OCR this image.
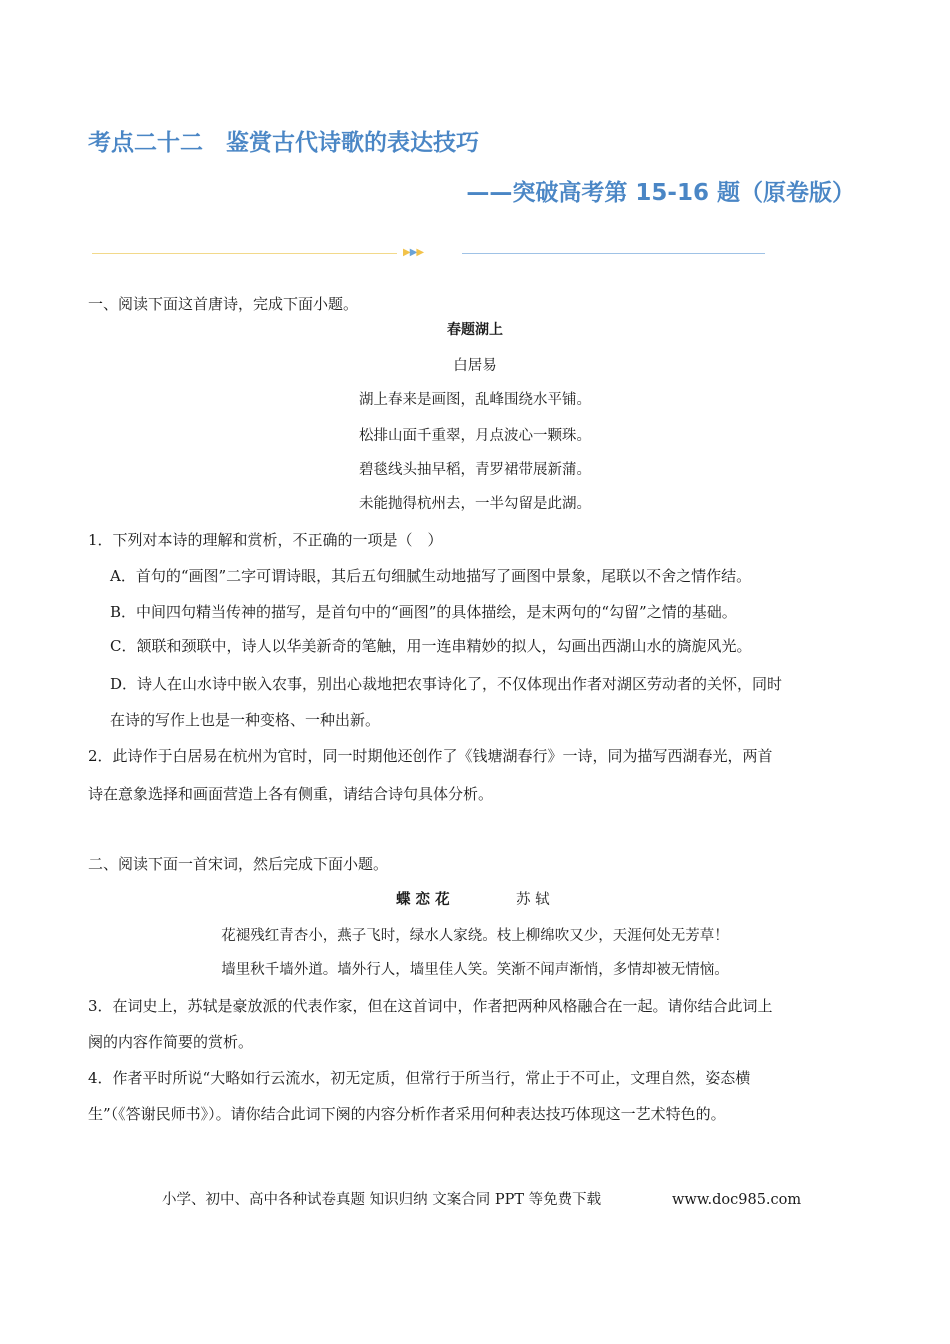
考点二十二　鉴赏古代诗歌的表达技巧
——突破高考第 15-16 题（原卷版）
▶▶▶
一、阅读下面这首唐诗，完成下面小题。
春题湖上
白居易
湖上春来是画图，乱峰围绕水平铺。
松排山面千重翠，月点波心一颗珠。
碧毯线头抽早稻，青罗裙带展新蒲。
未能抛得杭州去，一半勾留是此湖。
1．下列对本诗的理解和赏析，不正确的一项是（　）
A．首句的“画图”二字可谓诗眼，其后五句细腻生动地描写了画图中景象，尾联以不舍之情作结。
B．中间四句精当传神的描写，是首句中的“画图”的具体描绘，是末两句的“勾留”之情的基础。
C．颔联和颈联中，诗人以华美新奇的笔触，用一连串精妙的拟人，勾画出西湖山水的旖旎风光。
D．诗人在山水诗中嵌入农事，别出心裁地把农事诗化了，不仅体现出作者对湖区劳动者的关怀，同时
在诗的写作上也是一种变格、一种出新。
2．此诗作于白居易在杭州为官时，同一时期他还创作了《钱塘湖春行》一诗，同为描写西湖春光，两首
诗在意象选择和画面营造上各有侧重，请结合诗句具体分析。
二、阅读下面一首宋词，然后完成下面小题。
蝶 恋 花	苏 轼
花褪残红青杏小，燕子飞时，绿水人家绕。枝上柳绵吹又少，天涯何处无芳草！
墙里秋千墙外道。墙外行人，墙里佳人笑。笑渐不闻声渐悄，多情却被无情恼。
3．在词史上，苏轼是豪放派的代表作家，但在这首词中，作者把两种风格融合在一起。请你结合此词上
阕的内容作简要的赏析。
4．作者平时所说“大略如行云流水，初无定质，但常行于所当行，常止于不可止，文理自然，姿态横
生”（《答谢民师书》）。请你结合此词下阕的内容分析作者采用何种表达技巧体现这一艺术特色的。
小学、初中、高中各种试卷真题 知识归纳 文案合同 PPT 等免费下载	www.doc985.com
